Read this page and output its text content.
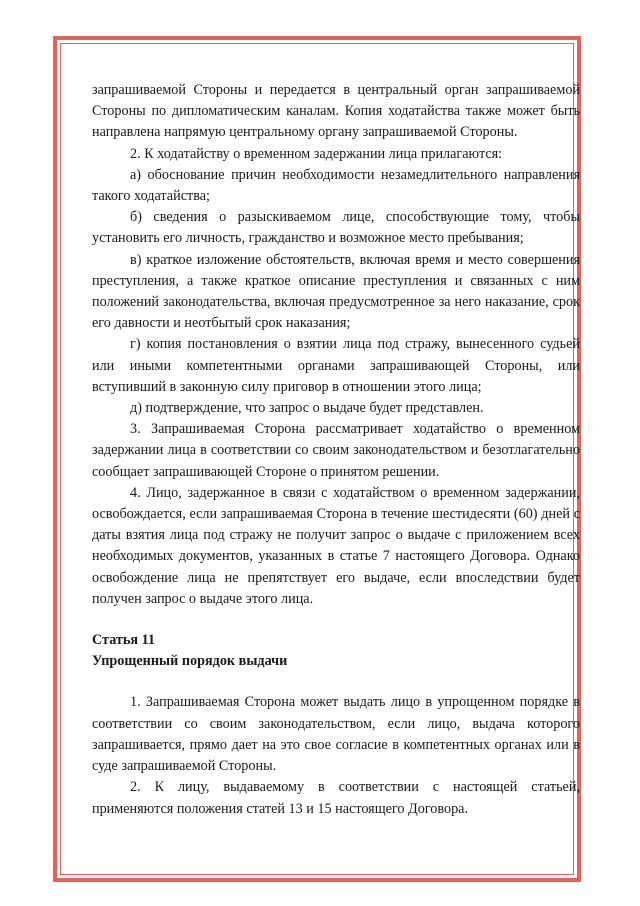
запрашиваемой Стороны и передается в центральный орган запрашиваемой Стороны по дипломатическим каналам. Копия ходатайства также может быть направлена напрямую центральному органу запрашиваемой Стороны.

2. К ходатайству о временном задержании лица прилагаются:

а) обоснование причин необходимости незамедлительного направления такого ходатайства;

б) сведения о разыскиваемом лице, способствующие тому, чтобы установить его личность, гражданство и возможное место пребывания;

в) краткое изложение обстоятельств, включая время и место совершения преступления, а также краткое описание преступления и связанных с ним положений законодательства, включая предусмотренное за него наказание, срок его давности и неотбытый срок наказания;

г) копия постановления о взятии лица под стражу, вынесенного судьей или иными компетентными органами запрашивающей Стороны, или вступивший в законную силу приговор в отношении этого лица;

д) подтверждение, что запрос о выдаче будет представлен.

3. Запрашиваемая Сторона рассматривает ходатайство о временном задержании лица в соответствии со своим законодательством и безотлагательно сообщает запрашивающей Стороне о принятом решении.

4. Лицо, задержанное в связи с ходатайством о временном задержании, освобождается, если запрашиваемая Сторона в течение шестидесяти (60) дней с даты взятия лица под стражу не получит запрос о выдаче с приложением всех необходимых документов, указанных в статье 7 настоящего Договора. Однако освобождение лица не препятствует его выдаче, если впоследствии будет получен запрос о выдаче этого лица.

Статья 11

Упрощенный порядок выдачи

1. Запрашиваемая Сторона может выдать лицо в упрощенном порядке в соответствии со своим законодательством, если лицо, выдача которого запрашивается, прямо дает на это свое согласие в компетентных органах или в суде запрашиваемой Стороны.

2. К лицу, выдаваемому в соответствии с настоящей статьей, применяются положения статей 13 и 15 настоящего Договора.
